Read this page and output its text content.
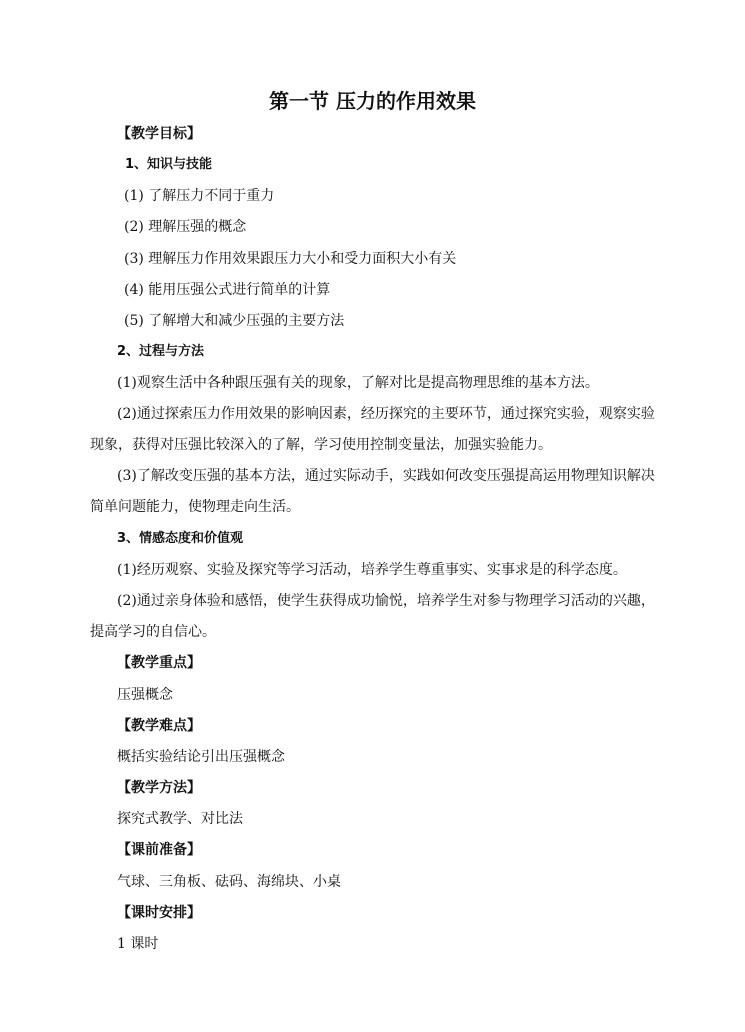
第一节 压力的作用效果
【教学目标】
1、知识与技能
(1) 了解压力不同于重力
(2) 理解压强的概念
(3) 理解压力作用效果跟压力大小和受力面积大小有关
(4) 能用压强公式进行简单的计算
(5) 了解增大和减少压强的主要方法
2、过程与方法
(1)观察生活中各种跟压强有关的现象，了解对比是提高物理思维的基本方法。
(2)通过探索压力作用效果的影响因素，经历探究的主要环节，通过探究实验，观察实验
现象，获得对压强比较深入的了解，学习使用控制变量法，加强实验能力。
(3)了解改变压强的基本方法，通过实际动手，实践如何改变压强提高运用物理知识解决
简单问题能力，使物理走向生活。
3、情感态度和价值观
(1)经历观察、实验及探究等学习活动，培养学生尊重事实、实事求是的科学态度。
(2)通过亲身体验和感悟，使学生获得成功愉悦，培养学生对参与物理学习活动的兴趣，
提高学习的自信心。
【教学重点】
压强概念
【教学难点】
概括实验结论引出压强概念
【教学方法】
探究式教学、对比法
【课前准备】
气球、三角板、砝码、海绵块、小桌
【课时安排】
1 课时
